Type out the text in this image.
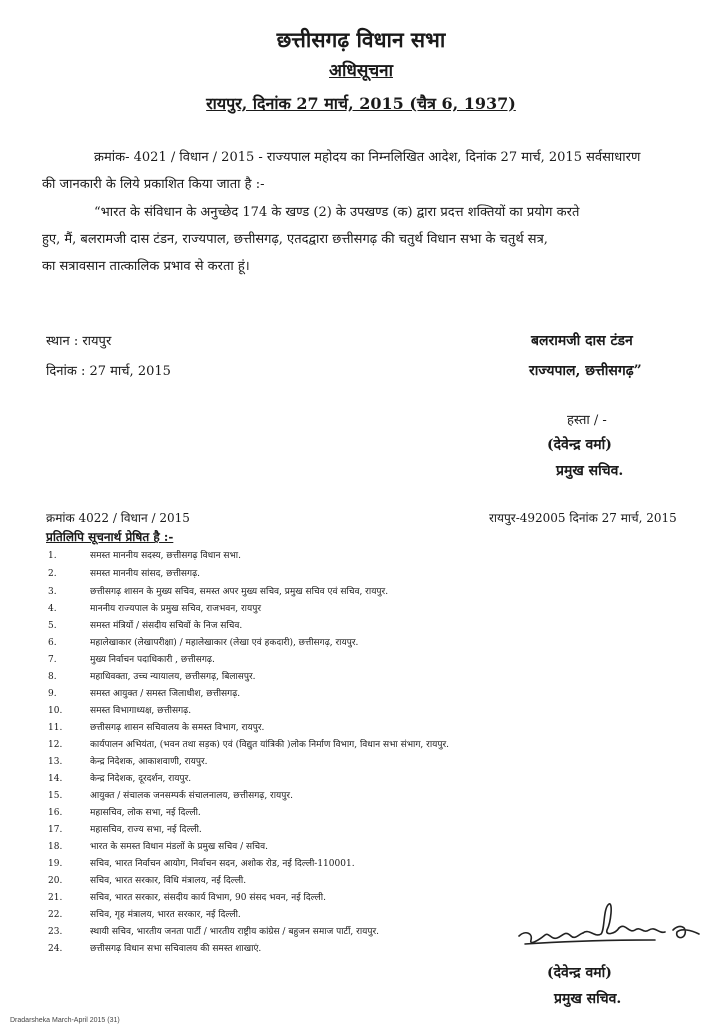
छत्तीसगढ़ विधान सभा
अधिसूचना
रायपुर, दिनांक 27 मार्च, 2015 (चैत्र 6, 1937)
क्रमांक- 4021 / विधान / 2015 - राज्यपाल महोदय का निम्नलिखित आदेश, दिनांक 27 मार्च, 2015 सर्वसाधारण
की जानकारी के लिये प्रकाशित किया जाता है :-
“भारत के संविधान के अनुच्छेद 174 के खण्ड (2) के उपखण्ड (क) द्वारा प्रदत्त शक्तियों का प्रयोग करते
हुए, मैं, बलरामजी दास टंडन, राज्यपाल, छत्तीसगढ़, एतदद्वारा छत्तीसगढ़ की चतुर्थ विधान सभा के चतुर्थ सत्र,
का सत्रावसान तात्कालिक प्रभाव से करता हूं।
स्थान : रायपुर
दिनांक : 27 मार्च, 2015
बलरामजी दास टंडन
राज्यपाल, छत्तीसगढ़”
हस्ता / -
(देवेन्द्र वर्मा)
प्रमुख सचिव.
क्रमांक 4022 / विधान / 2015	रायपुर-492005 दिनांक 27 मार्च, 2015
प्रतिलिपि सूचनार्थ प्रेषित है :-
1.	समस्त माननीय सदस्य, छत्तीसगढ़ विधान सभा.
2.	समस्त माननीय सांसद, छत्तीसगढ़.
3.	छत्तीसगढ़ शासन के मुख्य सचिव, समस्त अपर मुख्य सचिव, प्रमुख सचिव एवं सचिव, रायपुर.
4.	माननीय राज्यपाल के प्रमुख सचिव, राजभवन, रायपुर
5.	समस्त मंत्रियों / संसदीय सचिवों के निज सचिव.
6.	महालेखाकार (लेखापरीक्षा) / महालेखाकार (लेखा एवं हकदारी), छत्तीसगढ़, रायपुर.
7.	मुख्य निर्वाचन पदाधिकारी , छत्तीसगढ़.
8.	महाधिवक्ता, उच्च न्यायालय, छत्तीसगढ़, बिलासपुर.
9.	समस्त आयुक्त / समस्त जिलाधीश, छत्तीसगढ़.
10.	समस्त विभागाध्यक्ष, छत्तीसगढ़.
11.	छत्तीसगढ़ शासन सचिवालय के समस्त विभाग, रायपुर.
12.	कार्यपालन अभियंता, (भवन तथा सड़क) एवं (विद्युत यांत्रिकी )लोक निर्माण विभाग, विधान सभा संभाग, रायपुर.
13.	केन्द्र निदेशक, आकाशवाणी, रायपुर.
14.	केन्द्र निदेशक, दूरदर्शन, रायपुर.
15.	आयुक्त / संचालक जनसम्पर्क संचालनालय, छत्तीसगढ़, रायपुर.
16.	महासचिव, लोक सभा, नई दिल्ली.
17.	महासचिव, राज्य सभा, नई दिल्ली.
18.	भारत के समस्त विधान मंडलों के प्रमुख सचिव / सचिव.
19.	सचिव, भारत निर्वाचन आयोग, निर्वाचन सदन, अशोक रोड, नई दिल्ली-110001.
20.	सचिव, भारत सरकार, विधि मंत्रालय, नई दिल्ली.
21.	सचिव, भारत सरकार, संसदीय कार्य विभाग, 90 संसद भवन, नई दिल्ली.
22.	सचिव, गृह मंत्रालय, भारत सरकार, नई दिल्ली.
23.	स्थायी सचिव, भारतीय जनता पार्टी / भारतीय राष्ट्रीय कांग्रेस / बहुजन समाज पार्टी, रायपुर.
24.	छत्तीसगढ़ विधान सभा सचिवालय की समस्त शाखाएं.
(देवेन्द्र वर्मा)
प्रमुख सचिव.
Dradarsheka March-April 2015 (31)
